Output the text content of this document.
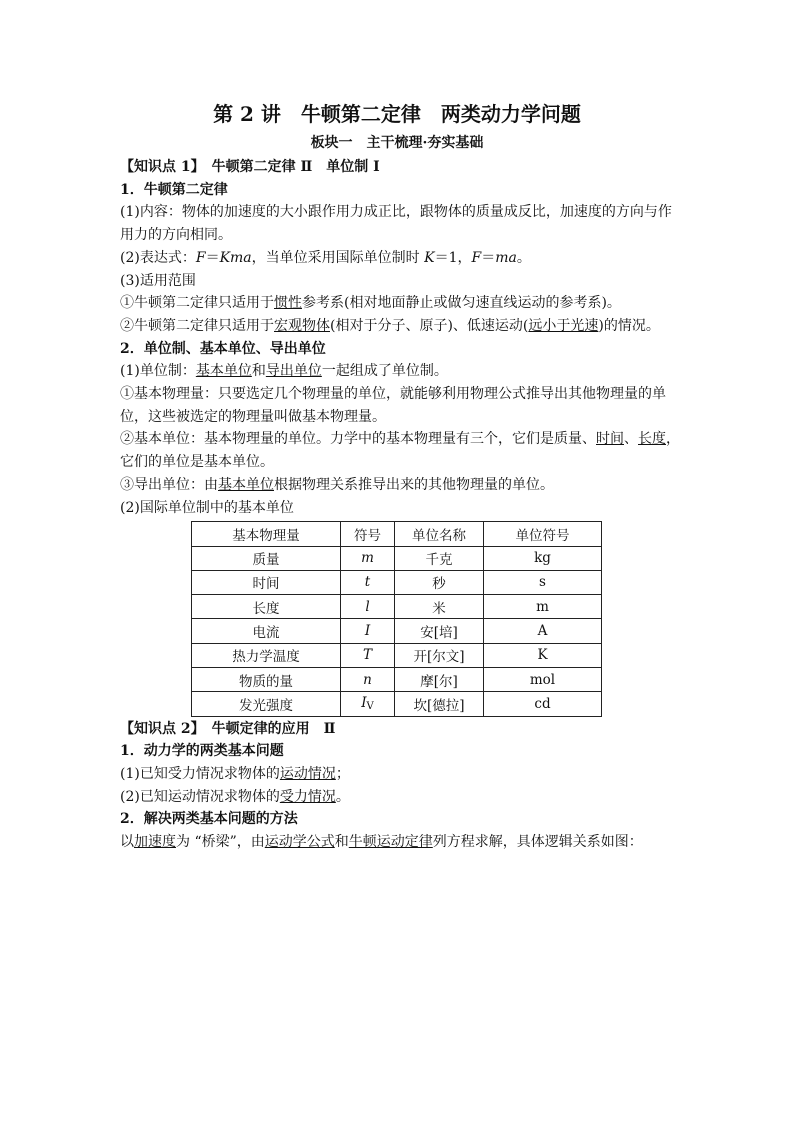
第 2 讲　牛顿第二定律　两类动力学问题
板块一　主干梳理·夯实基础
【知识点 1】　牛顿第二定律 Ⅱ　单位制 Ⅰ
1．牛顿第二定律
(1)内容：物体的加速度的大小跟作用力成正比，跟物体的质量成反比，加速度的方向与作
用力的方向相同。
(2)表达式：F＝Kma，当单位采用国际单位制时 K＝1，F＝ma。
(3)适用范围
①牛顿第二定律只适用于惯性参考系(相对地面静止或做匀速直线运动的参考系)。
②牛顿第二定律只适用于宏观物体(相对于分子、原子)、低速运动(远小于光速)的情况。
2．单位制、基本单位、导出单位
(1)单位制：基本单位和导出单位一起组成了单位制。
①基本物理量：只要选定几个物理量的单位，就能够利用物理公式推导出其他物理量的单
位，这些被选定的物理量叫做基本物理量。
②基本单位：基本物理量的单位。力学中的基本物理量有三个，它们是质量、时间、长度，
它们的单位是基本单位。
③导出单位：由基本单位根据物理关系推导出来的其他物理量的单位。
(2)国际单位制中的基本单位
基本物理量	符号	单位名称	单位符号
质量	m	千克	kg
时间	t	秒	s
长度	l	米	m
电流	I	安[培]	A
热力学温度	T	开[尔文]	K
物质的量	n	摩[尔]	mol
发光强度	$I_V$	坎[德拉]	cd
【知识点 2】　牛顿定律的应用　Ⅱ
1．动力学的两类基本问题
(1)已知受力情况求物体的运动情况；
(2)已知运动情况求物体的受力情况。
2．解决两类基本问题的方法
以加速度为 “桥梁”，由运动学公式和牛顿运动定律列方程求解，具体逻辑关系如图：
